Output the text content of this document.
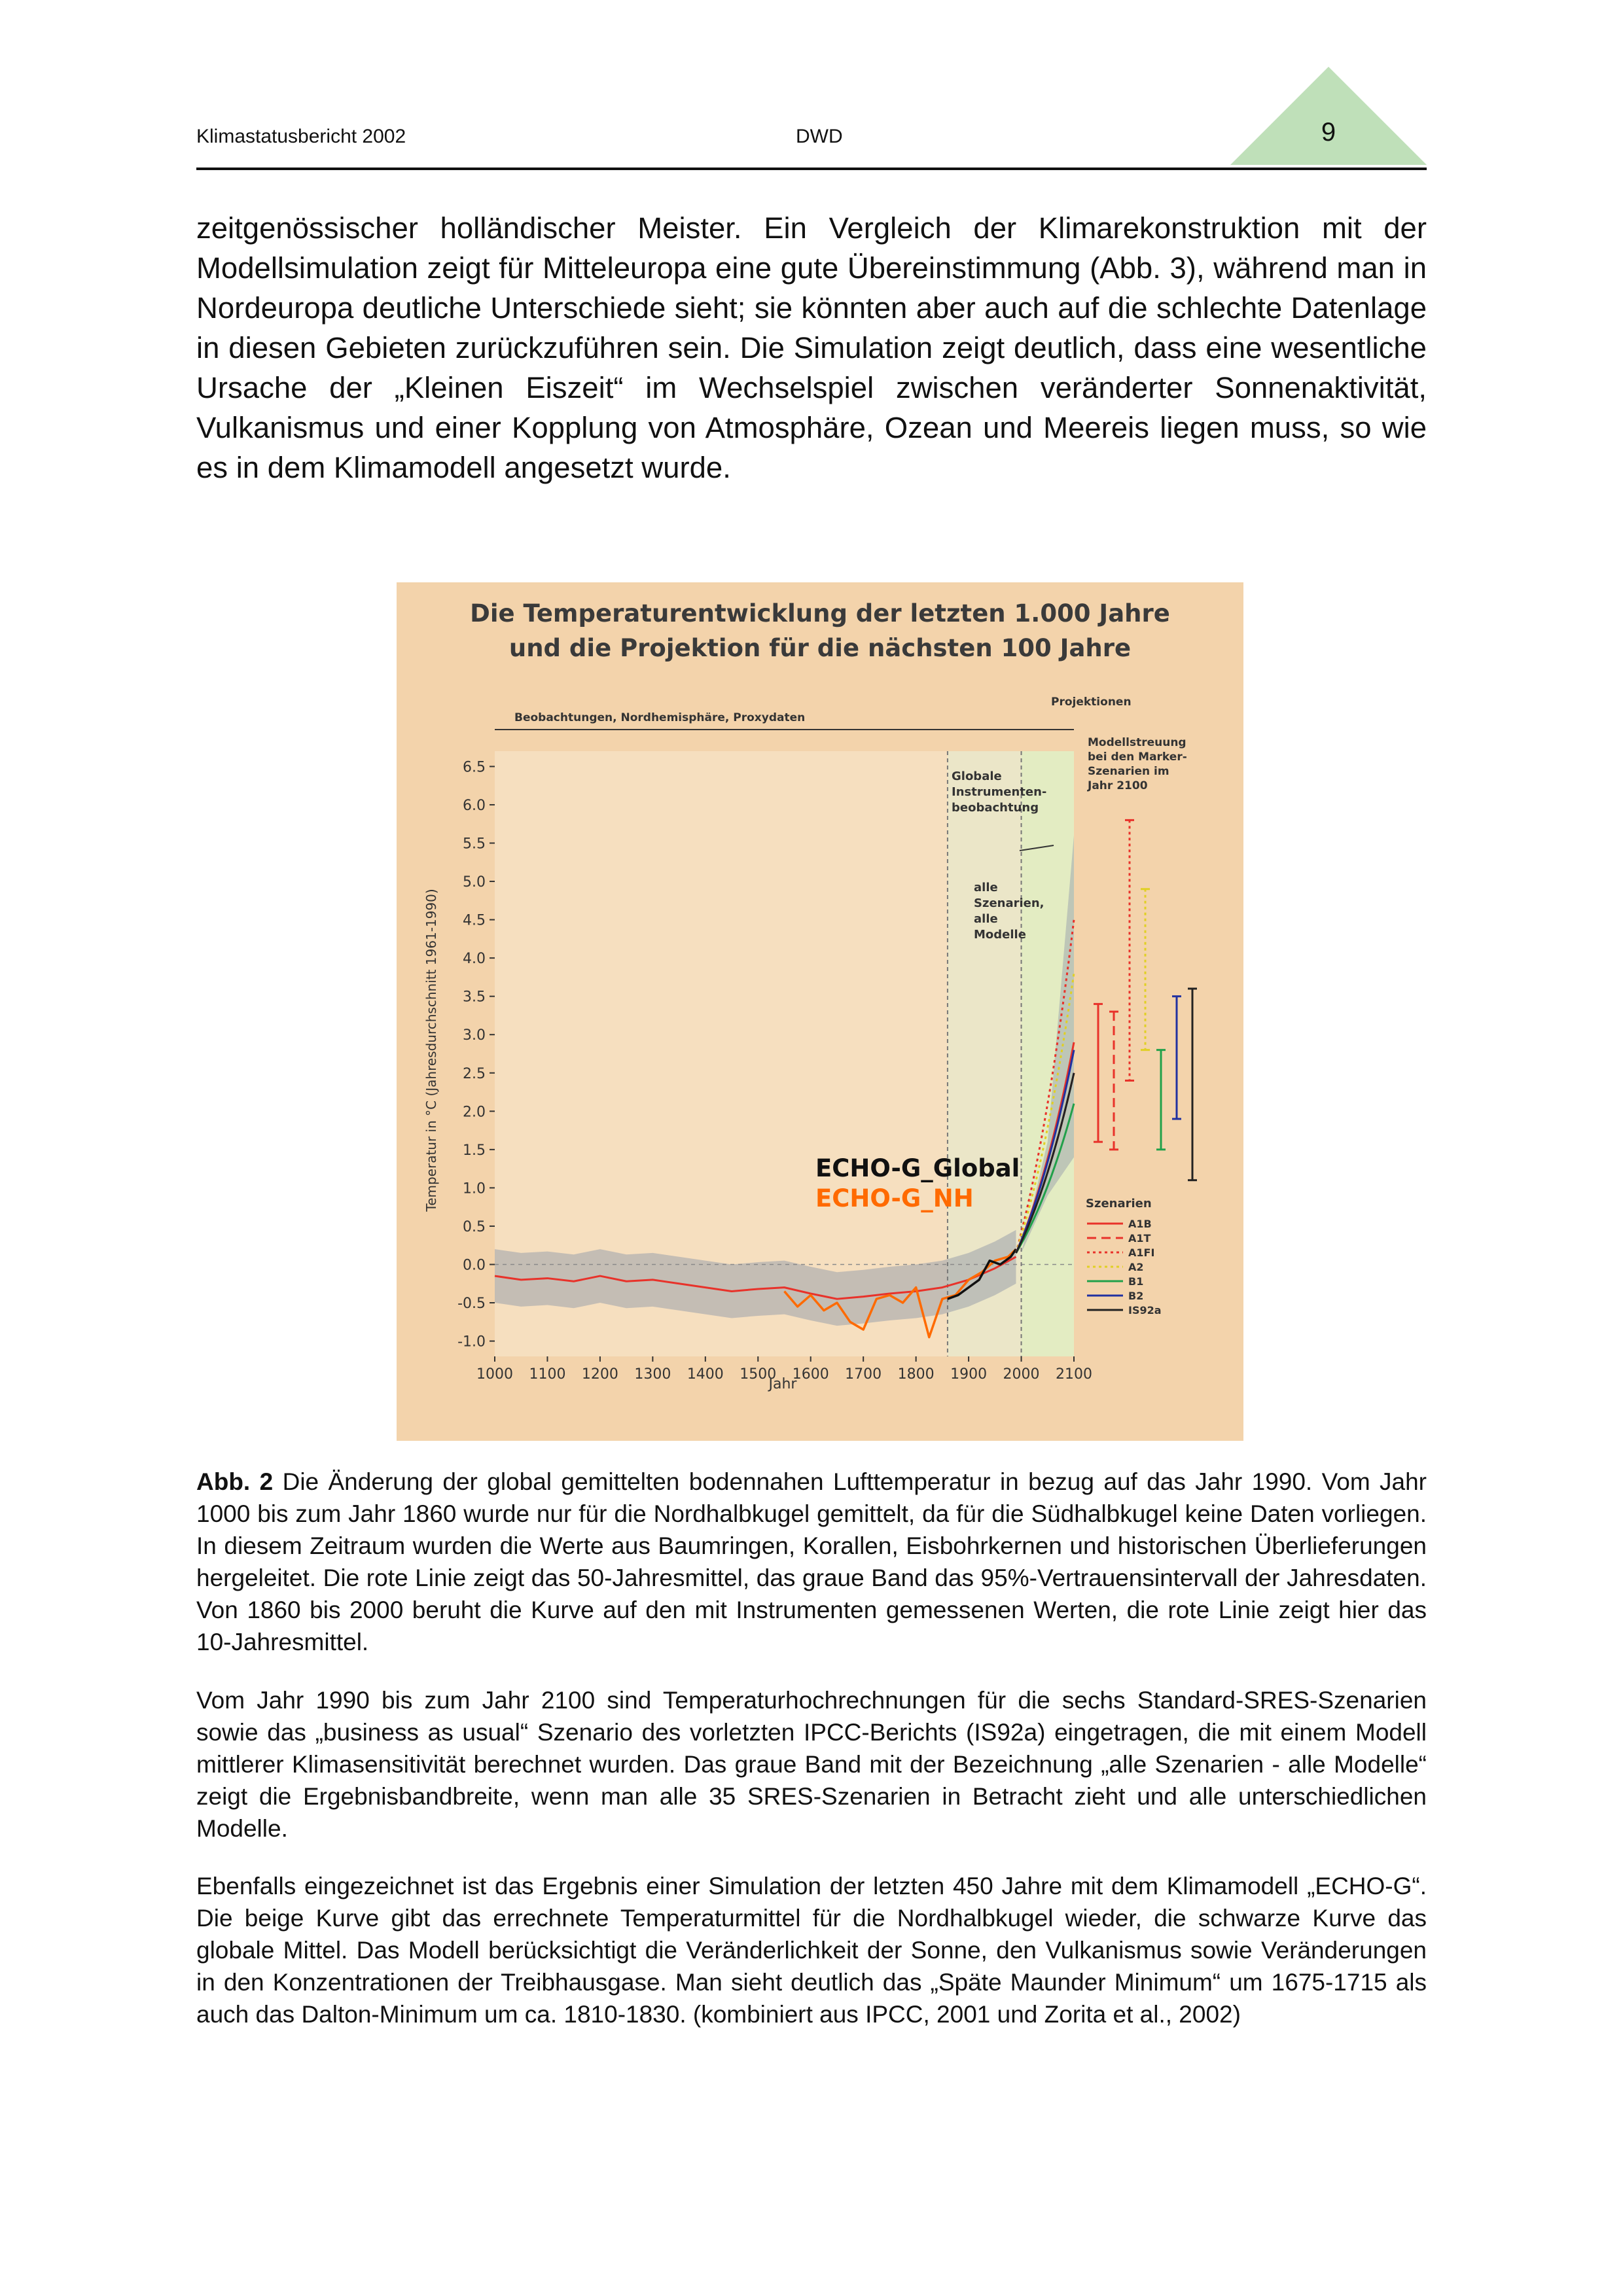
Klimastatusbericht 2002	DWD	9
zeitgenössischer holländischer Meister. Ein Vergleich der Klimarekonstruktion mit der Modellsimulation zeigt für Mitteleuropa eine gute Übereinstimmung (Abb. 3), während man in Nordeuropa deutliche Unterschiede sieht; sie könnten aber auch auf die schlechte Datenlage in diesen Gebieten zurückzuführen sein. Die Simulation zeigt deutlich, dass eine wesentliche Ursache der „Kleinen Eiszeit“ im Wechselspiel zwischen veränderter Sonnenaktivität, Vulkanismus und einer Kopplung von Atmosphäre, Ozean und Meereis liegen muss, so wie es in dem Klimamodell angesetzt wurde.
Die Temperaturentwicklung der letzten 1.000 Jahre
und die Projektion für die nächsten 100 Jahre
Beobachtungen, Nordhemisphäre, Proxydaten
Projektionen
Globale Instrumenten- beobachtung
Modellstreuung bei den Marker- Szenarien im Jahr 2100
alle Szenarien, alle Modelle
ECHO-G_Global
ECHO-G_NH	Szenarien
A1B
A1T
A1FI
A2
B1
B2
IS92a
6.5
6.0
5.5
5.0
4.5
4.0
3.5
3.0
2.5
2.0
1.5
1.0
0.5
0.0
-0.5
-1.0
1000 1100 1200 1300 1400 1500 1600 1700 1800 1900 2000 2100
Jahr
Temperatur in °C (Jahresdurchschnitt 1961-1990)
Abb. 2 Die Änderung der global gemittelten bodennahen Lufttemperatur in bezug auf das Jahr 1990. Vom Jahr 1000 bis zum Jahr 1860 wurde nur für die Nordhalbkugel gemittelt, da für die Südhalbkugel keine Daten vorliegen. In diesem Zeitraum wurden die Werte aus Baumringen, Korallen, Eisbohrkernen und historischen Überlieferungen hergeleitet. Die rote Linie zeigt das 50-Jahresmittel, das graue Band das 95%-Vertrauensintervall der Jahresdaten. Von 1860 bis 2000 beruht die Kurve auf den mit Instrumenten gemessenen Werten, die rote Linie zeigt hier das 10-Jahresmittel.
Vom Jahr 1990 bis zum Jahr 2100 sind Temperaturhochrechnungen für die sechs Standard-SRES-Szenarien sowie das „business as usual“ Szenario des vorletzten IPCC-Berichts (IS92a) eingetragen, die mit einem Modell mittlerer Klimasensitivität berechnet wurden. Das graue Band mit der Bezeichnung „alle Szenarien - alle Modelle“ zeigt die Ergebnisbandbreite, wenn man alle 35 SRES-Szenarien in Betracht zieht und alle unterschiedlichen Modelle.
Ebenfalls eingezeichnet ist das Ergebnis einer Simulation der letzten 450 Jahre mit dem Klimamodell „ECHO-G“. Die beige Kurve gibt das errechnete Temperaturmittel für die Nordhalbkugel wieder, die schwarze Kurve das globale Mittel. Das Modell berücksichtigt die Veränderlichkeit der Sonne, den Vulkanismus sowie Veränderungen in den Konzentrationen der Treibhausgase. Man sieht deutlich das „Späte Maunder Minimum“ um 1675-1715 als auch das Dalton-Minimum um ca. 1810-1830. (kombiniert aus IPCC, 2001 und Zorita et al., 2002)
